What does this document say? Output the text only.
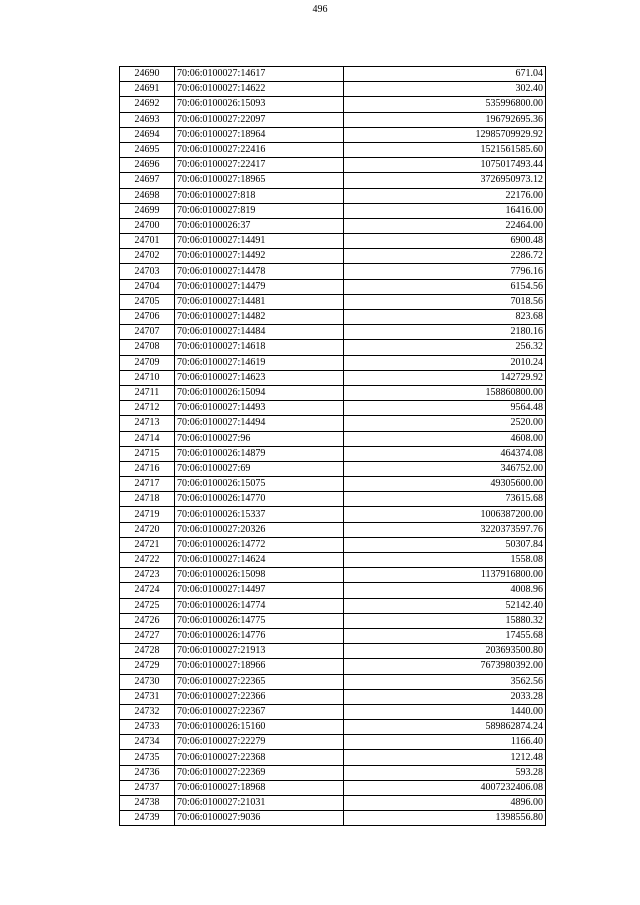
496
24690	70:06:0100027:14617	671.04
24691	70:06:0100027:14622	302.40
24692	70:06:0100026:15093	535996800.00
24693	70:06:0100027:22097	196792695.36
24694	70:06:0100027:18964	12985709929.92
24695	70:06:0100027:22416	1521561585.60
24696	70:06:0100027:22417	1075017493.44
24697	70:06:0100027:18965	3726950973.12
24698	70:06:0100027:818	22176.00
24699	70:06:0100027:819	16416.00
24700	70:06:0100026:37	22464.00
24701	70:06:0100027:14491	6900.48
24702	70:06:0100027:14492	2286.72
24703	70:06:0100027:14478	7796.16
24704	70:06:0100027:14479	6154.56
24705	70:06:0100027:14481	7018.56
24706	70:06:0100027:14482	823.68
24707	70:06:0100027:14484	2180.16
24708	70:06:0100027:14618	256.32
24709	70:06:0100027:14619	2010.24
24710	70:06:0100027:14623	142729.92
24711	70:06:0100026:15094	158860800.00
24712	70:06:0100027:14493	9564.48
24713	70:06:0100027:14494	2520.00
24714	70:06:0100027:96	4608.00
24715	70:06:0100026:14879	464374.08
24716	70:06:0100027:69	346752.00
24717	70:06:0100026:15075	49305600.00
24718	70:06:0100026:14770	73615.68
24719	70:06:0100026:15337	1006387200.00
24720	70:06:0100027:20326	3220373597.76
24721	70:06:0100026:14772	50307.84
24722	70:06:0100027:14624	1558.08
24723	70:06:0100026:15098	1137916800.00
24724	70:06:0100027:14497	4008.96
24725	70:06:0100026:14774	52142.40
24726	70:06:0100026:14775	15880.32
24727	70:06:0100026:14776	17455.68
24728	70:06:0100027:21913	203693500.80
24729	70:06:0100027:18966	7673980392.00
24730	70:06:0100027:22365	3562.56
24731	70:06:0100027:22366	2033.28
24732	70:06:0100027:22367	1440.00
24733	70:06:0100026:15160	589862874.24
24734	70:06:0100027:22279	1166.40
24735	70:06:0100027:22368	1212.48
24736	70:06:0100027:22369	593.28
24737	70:06:0100027:18968	4007232406.08
24738	70:06:0100027:21031	4896.00
24739	70:06:0100027:9036	1398556.80
